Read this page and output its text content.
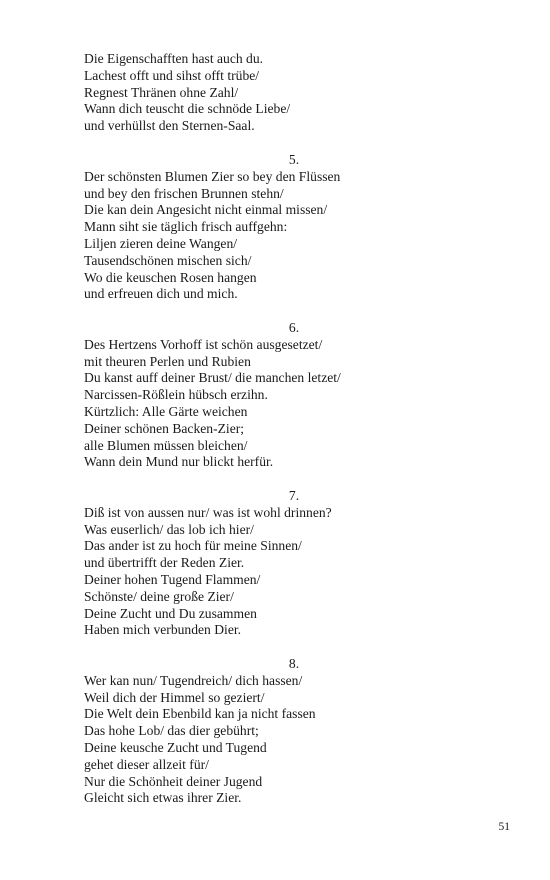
Die Eigenschafften hast auch du.
Lachest offt und sihst offt trübe/
Regnest Thränen ohne Zahl/
Wann dich teuscht die schnöde Liebe/
und verhüllst den Sternen-Saal.
5.
Der schönsten Blumen Zier so bey den Flüssen
und bey den frischen Brunnen stehn/
Die kan dein Angesicht nicht einmal missen/
Mann siht sie täglich frisch auffgehn:
Liljen zieren deine Wangen/
Tausendschönen mischen sich/
Wo die keuschen Rosen hangen
und erfreuen dich und mich.
6.
Des Hertzens Vorhoff ist schön ausgesetzet/
mit theuren Perlen und Rubien
Du kanst auff deiner Brust/ die manchen letzet/
Narcissen-Rößlein hübsch erzihn.
Kürtzlich: Alle Gärte weichen
Deiner schönen Backen-Zier;
alle Blumen müssen bleichen/
Wann dein Mund nur blickt herfür.
7.
Diß ist von aussen nur/ was ist wohl drinnen?
Was euserlich/ das lob ich hier/
Das ander ist zu hoch für meine Sinnen/
und übertrifft der Reden Zier.
Deiner hohen Tugend Flammen/
Schönste/ deine große Zier/
Deine Zucht und Du zusammen
Haben mich verbunden Dier.
8.
Wer kan nun/ Tugendreich/ dich hassen/
Weil dich der Himmel so geziert/
Die Welt dein Ebenbild kan ja nicht fassen
Das hohe Lob/ das dier gebührt;
Deine keusche Zucht und Tugend
gehet dieser allzeit für/
Nur die Schönheit deiner Jugend
Gleicht sich etwas ihrer Zier.
51
